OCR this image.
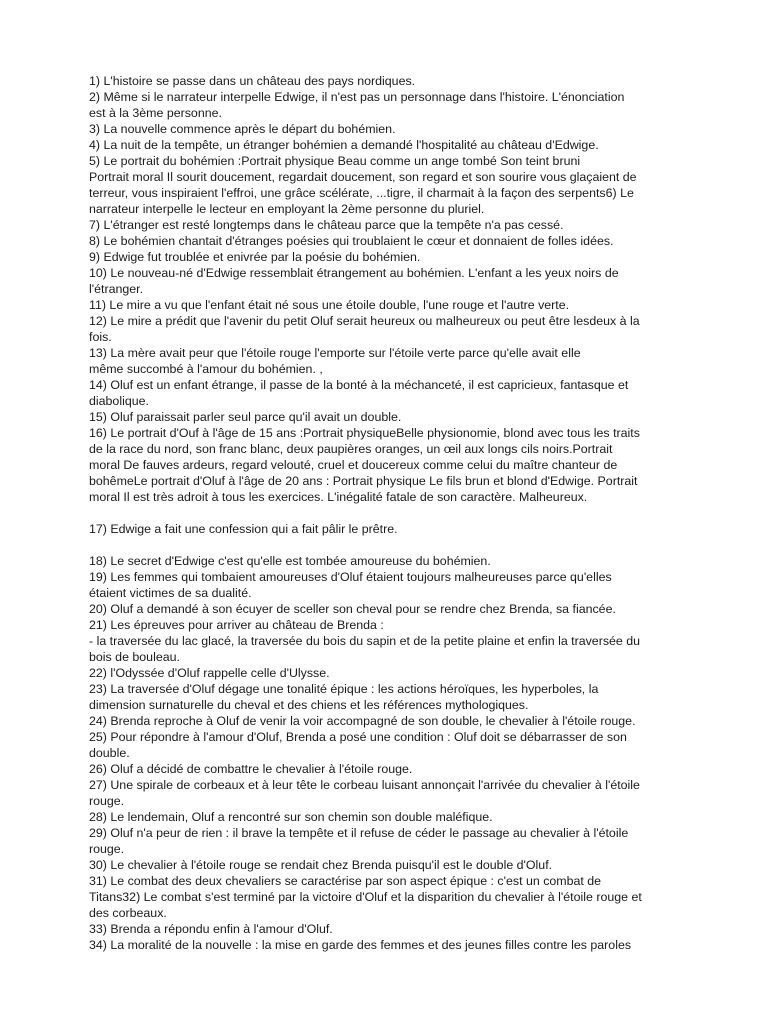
1) L'histoire se passe dans un château des pays nordiques.
2) Même si le narrateur interpelle Edwige, il n'est pas un personnage dans l'histoire. L'énonciation
est à la 3ème personne.
3) La nouvelle commence après le départ du bohémien.
4) La nuit de la tempête, un étranger bohémien a demandé l'hospitalité au château d'Edwige.
5) Le portrait du bohémien :Portrait physique Beau comme un ange tombé Son teint bruni
Portrait moral Il sourit doucement, regardait doucement, son regard et son sourire vous glaçaient de
terreur, vous inspiraient l'effroi, une grâce scélérate, ...tigre, il charmait à la façon des serpents6) Le
narrateur interpelle le lecteur en employant la 2ème personne du pluriel.
7) L'étranger est resté longtemps dans le château parce que la tempête n'a pas cessé.
8) Le bohémien chantait d'étranges poésies qui troublaient le cœur et donnaient de folles idées.
9) Edwige fut troublée et enivrée par la poésie du bohémien.
10) Le nouveau-né d'Edwige ressemblait étrangement au bohémien. L'enfant a les yeux noirs de
l'étranger.
11) Le mire a vu que l'enfant était né sous une étoile double, l'une rouge et l'autre verte.
12) Le mire a prédit que l'avenir du petit Oluf serait heureux ou malheureux ou peut être lesdeux à la
fois.
13) La mère avait peur que l'étoile rouge l'emporte sur l'étoile verte parce qu'elle avait elle
même succombé à l'amour du bohémien. ,
14) Oluf est un enfant étrange, il passe de la bonté à la méchanceté, il est capricieux, fantasque et
diabolique.
15) Oluf paraissait parler seul parce qu'il avait un double.
16) Le portrait d'Ouf à l'âge de 15 ans :Portrait physiqueBelle physionomie, blond avec tous les traits
de la race du nord, son franc blanc, deux paupières oranges, un œil aux longs cils noirs.Portrait
moral De fauves ardeurs, regard velouté, cruel et doucereux comme celui du maître chanteur de
bohêmeLe portrait d'Oluf à l'âge de 20 ans : Portrait physique Le fils brun et blond d'Edwige. Portrait
moral Il est très adroit à tous les exercices. L'inégalité fatale de son caractère. Malheureux.
17) Edwige a fait une confession qui a fait pâlir le prêtre.
18) Le secret d'Edwige c'est qu'elle est tombée amoureuse du bohémien.
19) Les femmes qui tombaient amoureuses d'Oluf étaient toujours malheureuses parce qu'elles
étaient victimes de sa dualité.
20) Oluf a demandé à son écuyer de sceller son cheval pour se rendre chez Brenda, sa fiancée.
21) Les épreuves pour arriver au château de Brenda :
- la traversée du lac glacé, la traversée du bois du sapin et de la petite plaine et enfin la traversée du
bois de bouleau.
22) l'Odyssée d'Oluf rappelle celle d'Ulysse.
23) La traversée d'Oluf dégage une tonalité épique : les actions héroïques, les hyperboles, la
dimension surnaturelle du cheval et des chiens et les références mythologiques.
24) Brenda reproche à Oluf de venir la voir accompagné de son double, le chevalier à l'étoile rouge.
25) Pour répondre à l'amour d'Oluf, Brenda a posé une condition : Oluf doit se débarrasser de son
double.
26) Oluf a décidé de combattre le chevalier à l'étoile rouge.
27) Une spirale de corbeaux et à leur tête le corbeau luisant annonçait l'arrivée du chevalier à l'étoile
rouge.
28) Le lendemain, Oluf a rencontré sur son chemin son double maléfique.
29) Oluf n'a peur de rien : il brave la tempête et il refuse de céder le passage au chevalier à l'étoile
rouge.
30) Le chevalier à l'étoile rouge se rendait chez Brenda puisqu'il est le double d'Oluf.
31) Le combat des deux chevaliers se caractérise par son aspect épique : c'est un combat de
Titans32) Le combat s'est terminé par la victoire d'Oluf et la disparition du chevalier à l'étoile rouge et
des corbeaux.
33) Brenda a répondu enfin à l'amour d'Oluf.
34) La moralité de la nouvelle : la mise en garde des femmes et des jeunes filles contre les paroles
